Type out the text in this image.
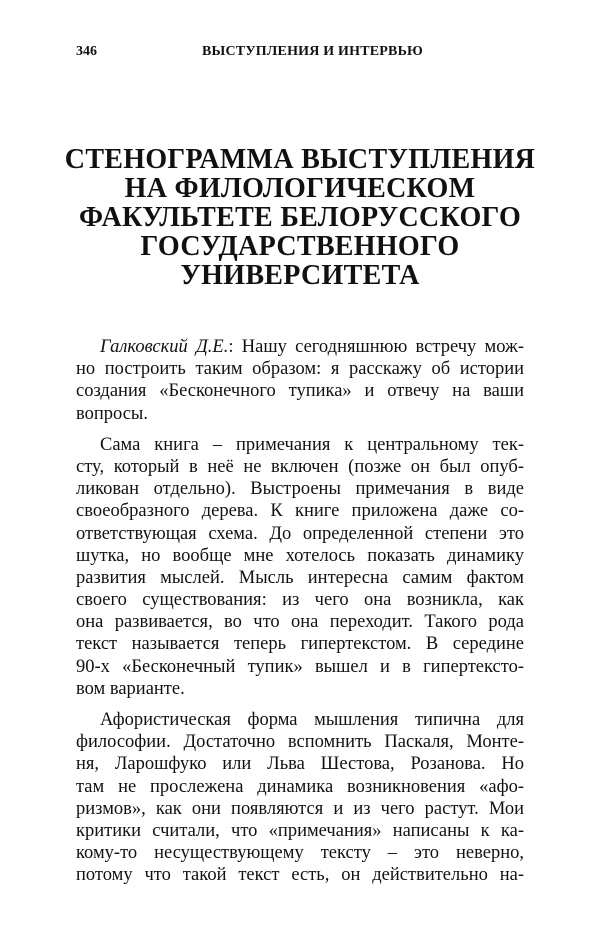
346	ВЫСТУПЛЕНИЯ И ИНТЕРВЬЮ
СТЕНОГРАММА ВЫСТУПЛЕНИЯ
НА ФИЛОЛОГИЧЕСКОМ
ФАКУЛЬТЕТЕ БЕЛОРУССКОГО
ГОСУДАРСТВЕННОГО
УНИВЕРСИТЕТА
Галковский Д.Е.: Нашу сегодняшнюю встречу мож-
но построить таким образом: я расскажу об истории
создания «Бесконечного тупика» и отвечу на ваши
вопросы.
Сама книга – примечания к центральному тек-
сту, который в неё не включен (позже он был опуб-
ликован отдельно). Выстроены примечания в виде
своеобразного дерева. К книге приложена даже со-
ответствующая схема. До определенной степени это
шутка, но вообще мне хотелось показать динамику
развития мыслей. Мысль интересна самим фактом
своего существования: из чего она возникла, как
она развивается, во что она переходит. Такого рода
текст называется теперь гипертекстом. В середине
90-х «Бесконечный тупик» вышел и в гипертексто-
вом варианте.
Афористическая форма мышления типична для
философии. Достаточно вспомнить Паскаля, Монте-
ня, Ларошфуко или Льва Шестова, Розанова. Но
там не прослежена динамика возникновения «афо-
ризмов», как они появляются и из чего растут. Мои
критики считали, что «примечания» написаны к ка-
кому-то несуществующему тексту – это неверно,
потому что такой текст есть, он действительно на-
